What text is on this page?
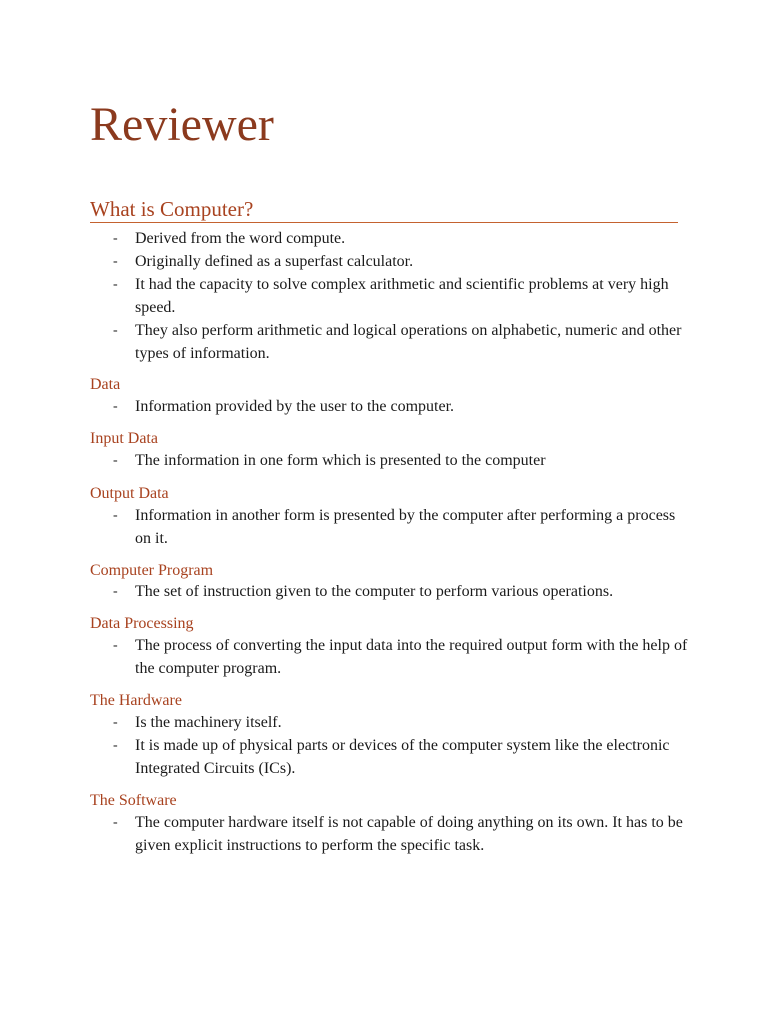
Reviewer
What is Computer?
- Derived from the word compute.
- Originally defined as a superfast calculator.
- It had the capacity to solve complex arithmetic and scientific problems at very high speed.
- They also perform arithmetic and logical operations on alphabetic, numeric and other types of information.
Data
- Information provided by the user to the computer.
Input Data
- The information in one form which is presented to the computer
Output Data
- Information in another form is presented by the computer after performing a process on it.
Computer Program
- The set of instruction given to the computer to perform various operations.
Data Processing
- The process of converting the input data into the required output form with the help of the computer program.
The Hardware
- Is the machinery itself.
- It is made up of physical parts or devices of the computer system like the electronic Integrated Circuits (ICs).
The Software
- The computer hardware itself is not capable of doing anything on its own. It has to be given explicit instructions to perform the specific task.
